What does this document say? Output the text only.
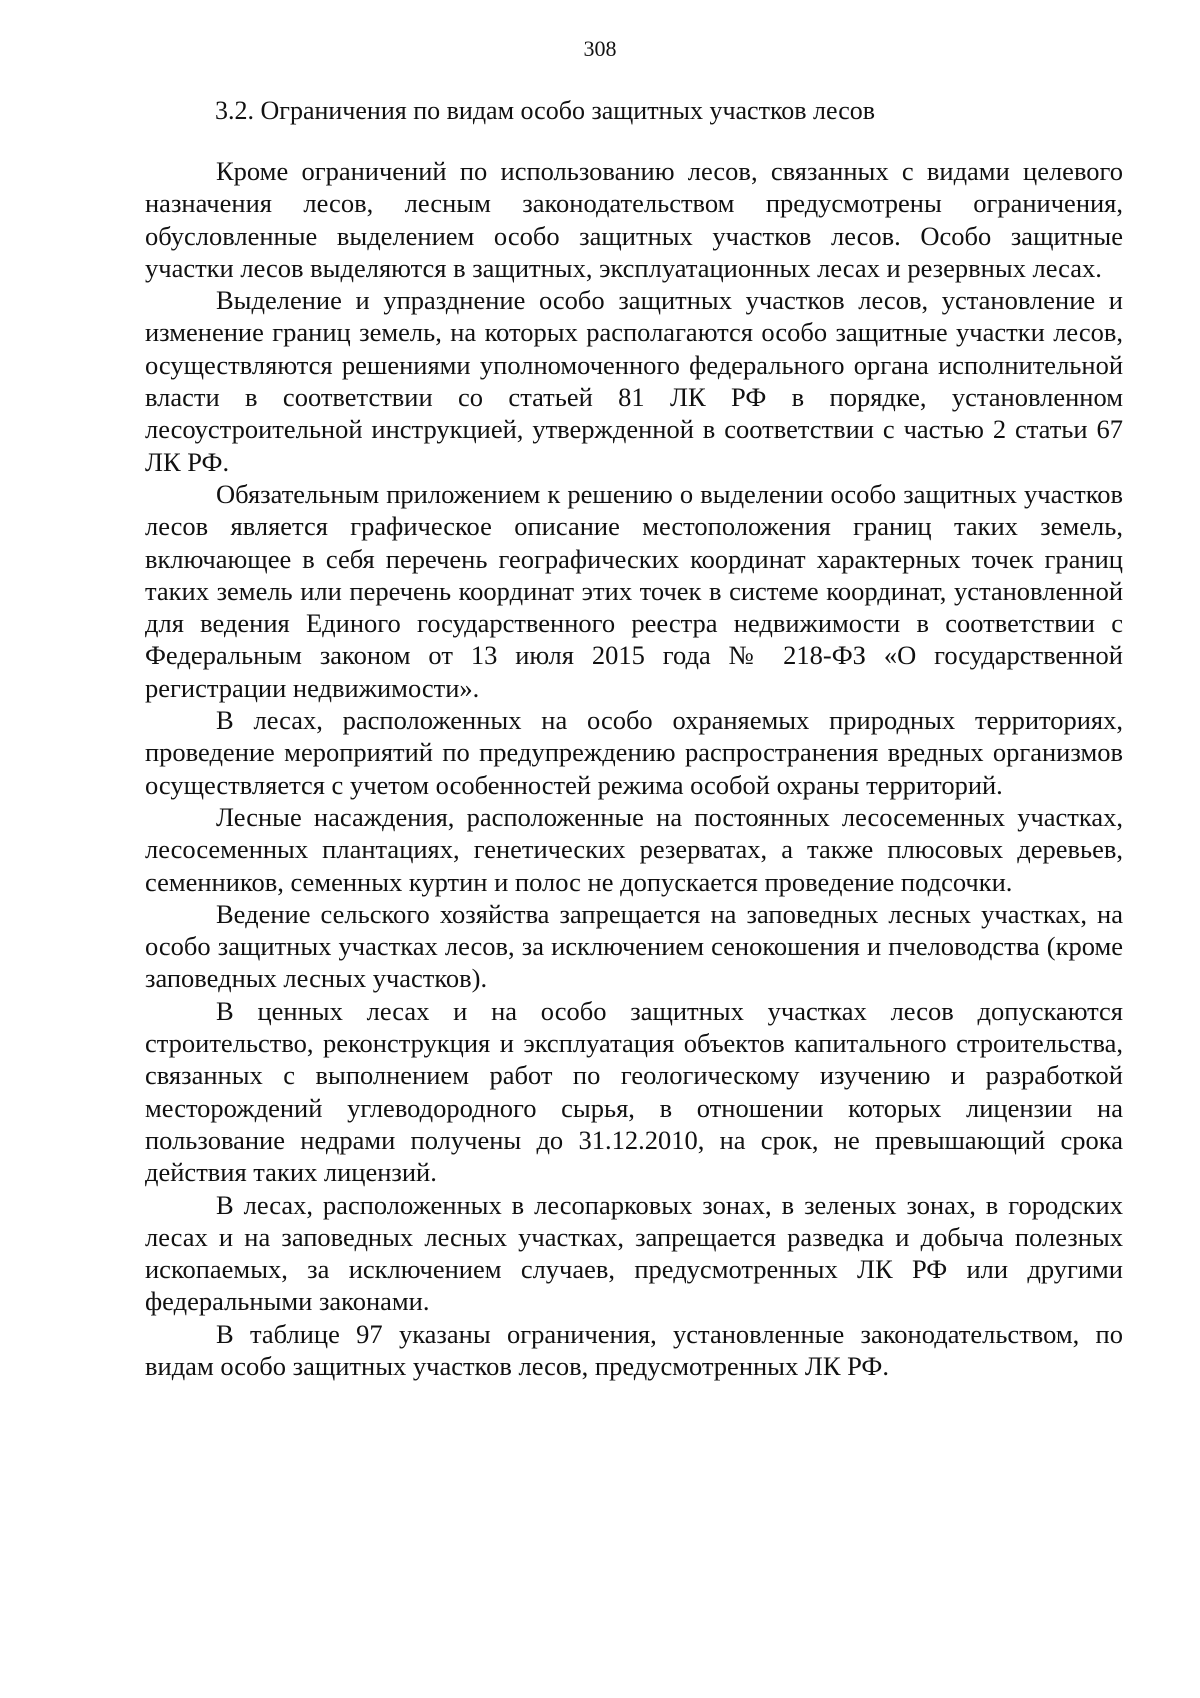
308
3.2. Ограничения по видам особо защитных участков лесов

Кроме ограничений по использованию лесов, связанных с видами целевого назначения лесов, лесным законодательством предусмотрены ограничения, обусловленные выделением особо защитных участков лесов. Особо защитные участки лесов выделяются в защитных, эксплуатационных лесах и резервных лесах.

Выделение и упразднение особо защитных участков лесов, установление и изменение границ земель, на которых располагаются особо защитные участки лесов, осуществляются решениями уполномоченного федерального органа исполнительной власти в соответствии со статьей 81 ЛК РФ в порядке, установленном лесоустроительной инструкцией, утвержденной в соответствии с частью 2 статьи 67 ЛК РФ.

Обязательным приложением к решению о выделении особо защитных участков лесов является графическое описание местоположения границ таких земель, включающее в себя перечень географических координат характерных точек границ таких земель или перечень координат этих точек в системе координат, установленной для ведения Единого государственного реестра недвижимости в соответствии с Федеральным законом от 13 июля 2015 года № 218-ФЗ «О государственной регистрации недвижимости».

В лесах, расположенных на особо охраняемых природных территориях, проведение мероприятий по предупреждению распространения вредных организмов осуществляется с учетом особенностей режима особой охраны территорий.

Лесные насаждения, расположенные на постоянных лесосеменных участках, лесосеменных плантациях, генетических резерватах, а также плюсовых деревьев, семенников, семенных куртин и полос не допускается проведение подсочки.

Ведение сельского хозяйства запрещается на заповедных лесных участках, на особо защитных участках лесов, за исключением сенокошения и пчеловодства (кроме заповедных лесных участков).

В ценных лесах и на особо защитных участках лесов допускаются строительство, реконструкция и эксплуатация объектов капитального строительства, связанных с выполнением работ по геологическому изучению и разработкой месторождений углеводородного сырья, в отношении которых лицензии на пользование недрами получены до 31.12.2010, на срок, не превышающий срока действия таких лицензий.

В лесах, расположенных в лесопарковых зонах, в зеленых зонах, в городских лесах и на заповедных лесных участках, запрещается разведка и добыча полезных ископаемых, за исключением случаев, предусмотренных ЛК РФ или другими федеральными законами.

В таблице 97 указаны ограничения, установленные законодательством, по видам особо защитных участков лесов, предусмотренных ЛК РФ.
